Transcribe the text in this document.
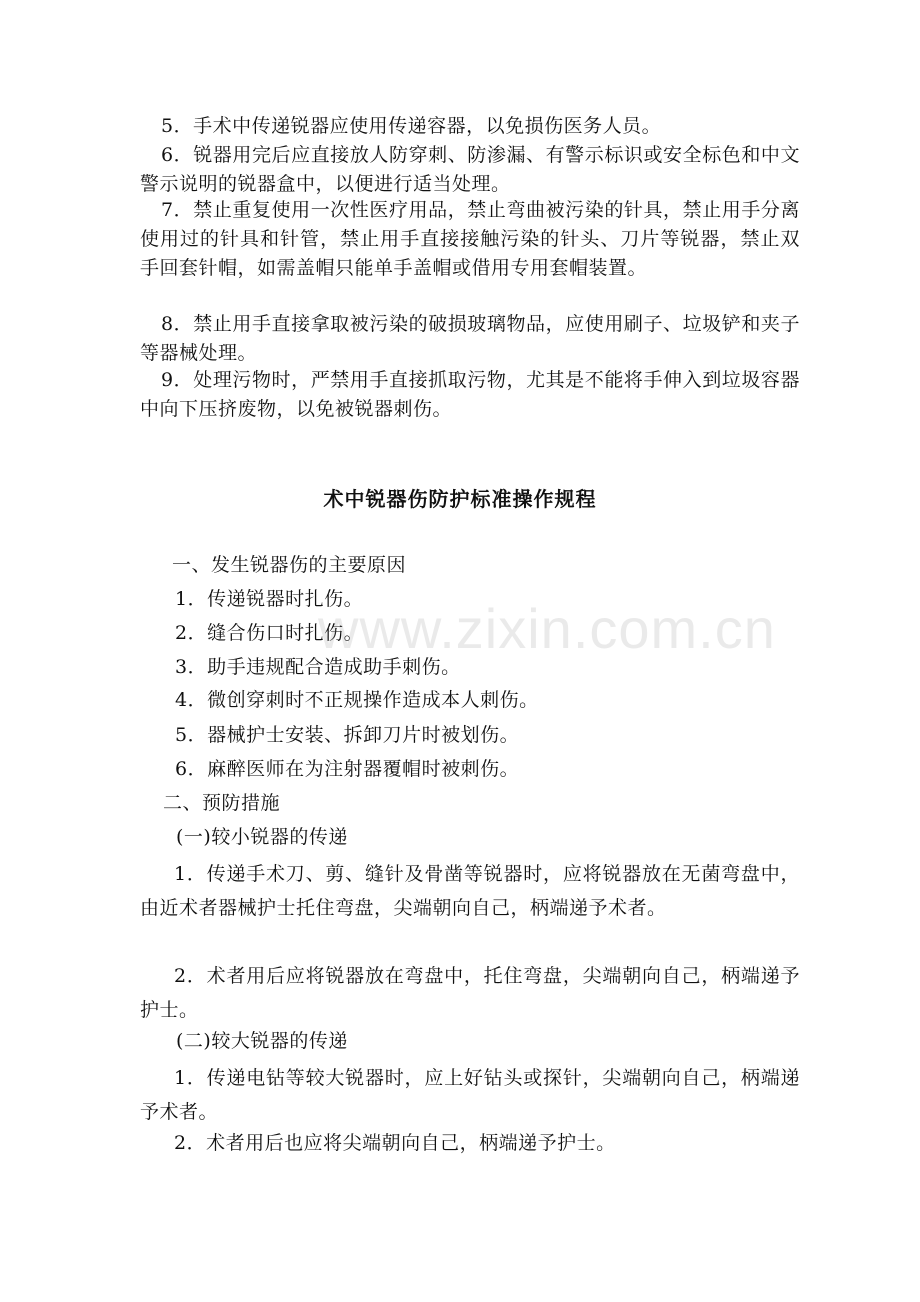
5．手术中传递锐器应使用传递容器，以免损伤医务人员。

6．锐器用完后应直接放人防穿刺、防渗漏、有警示标识或安全标色和中文警示说明的锐器盒中，以便进行适当处理。

7．禁止重复使用一次性医疗用品，禁止弯曲被污染的针具，禁止用手分离使用过的针具和针管，禁止用手直接接触污染的针头、刀片等锐器，禁止双手回套针帽，如需盖帽只能单手盖帽或借用专用套帽装置。

8．禁止用手直接拿取被污染的破损玻璃物品，应使用刷子、垃圾铲和夹子等器械处理。

9．处理污物时，严禁用手直接抓取污物，尤其是不能将手伸入到垃圾容器中向下压挤废物，以免被锐器刺伤。

术中锐器伤防护标准操作规程

一、发生锐器伤的主要原因

1．传递锐器时扎伤。

2．缝合伤口时扎伤。

3．助手违规配合造成助手刺伤。

4．微创穿刺时不正规操作造成本人刺伤。

5．器械护士安装、拆卸刀片时被划伤。

6．麻醉医师在为注射器覆帽时被刺伤。

二、预防措施

(一)较小锐器的传递

1．传递手术刀、剪、缝针及骨凿等锐器时，应将锐器放在无菌弯盘中，由近术者器械护士托住弯盘，尖端朝向自己，柄端递予术者。

2．术者用后应将锐器放在弯盘中，托住弯盘，尖端朝向自己，柄端递予护士。

(二)较大锐器的传递

1．传递电钻等较大锐器时，应上好钻头或探针，尖端朝向自己，柄端递予术者。

2．术者用后也应将尖端朝向自己，柄端递予护士。

www.zixin.com.cn
